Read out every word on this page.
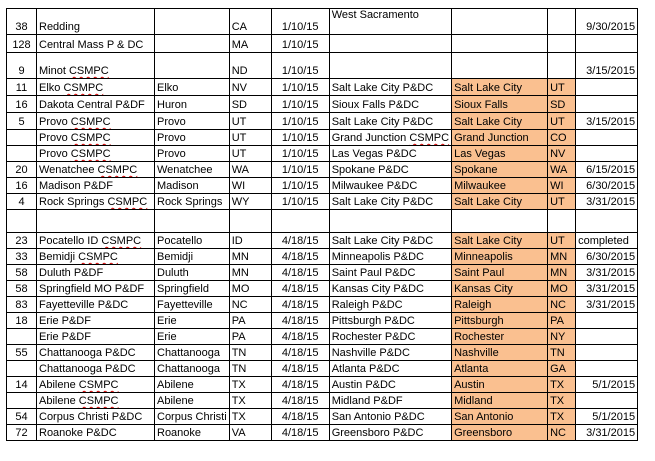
38	Redding		CA	1/10/15	West Sacramento			9/30/2015
128	Central Mass P & DC		MA	1/10/15				
9	Minot CSMPC		ND	1/10/15				3/15/2015
11	Elko CSMPC	Elko	NV	1/10/15	Salt Lake City P&DC	Salt Lake City	UT	
16	Dakota Central P&DF	Huron	SD	1/10/15	Sioux Falls P&DC	Sioux Falls	SD	
5	Provo CSMPC	Provo	UT	1/10/15	Salt Lake City P&DC	Salt Lake City	UT	3/15/2015
	Provo CSMPC	Provo	UT	1/10/15	Grand Junction CSMPC	Grand Junction	CO	
	Provo CSMPC	Provo	UT	1/10/15	Las Vegas P&DC	Las Vegas	NV	
20	Wenatchee CSMPC	Wenatchee	WA	1/10/15	Spokane P&DC	Spokane	WA	6/15/2015
16	Madison P&DF	Madison	WI	1/10/15	Milwaukee P&DC	Milwaukee	WI	6/30/2015
4	Rock Springs CSMPC	Rock Springs	WY	1/10/15	Salt Lake City P&DC	Salt Lake City	UT	3/31/2015

23	Pocatello ID CSMPC	Pocatello	ID	4/18/15	Salt Lake City P&DC	Salt Lake City	UT	completed
33	Bemidji CSMPC	Bemidji	MN	4/18/15	Minneapolis P&DC	Minneapolis	MN	6/30/2015
58	Duluth P&DF	Duluth	MN	4/18/15	Saint Paul P&DC	Saint Paul	MN	3/31/2015
58	Springfield MO P&DF	Springfield	MO	4/18/15	Kansas City P&DC	Kansas City	MO	3/31/2015
83	Fayetteville P&DC	Fayetteville	NC	4/18/15	Raleigh P&DC	Raleigh	NC	3/31/2015
18	Erie P&DF	Erie	PA	4/18/15	Pittsburgh P&DC	Pittsburgh	PA	
	Erie P&DF	Erie	PA	4/18/15	Rochester P&DC	Rochester	NY	
55	Chattanooga P&DC	Chattanooga	TN	4/18/15	Nashville P&DC	Nashville	TN	
	Chattanooga P&DC	Chattanooga	TN	4/18/15	Atlanta P&DC	Atlanta	GA	
14	Abilene CSMPC	Abilene	TX	4/18/15	Austin P&DC	Austin	TX	5/1/2015
	Abilene CSMPC	Abilene	TX	4/18/15	Midland P&DF	Midland	TX	
54	Corpus Christi P&DC	Corpus Christi	TX	4/18/15	San Antonio P&DC	San Antonio	TX	5/1/2015
72	Roanoke P&DC	Roanoke	VA	4/18/15	Greensboro P&DC	Greensboro	NC	3/31/2015
